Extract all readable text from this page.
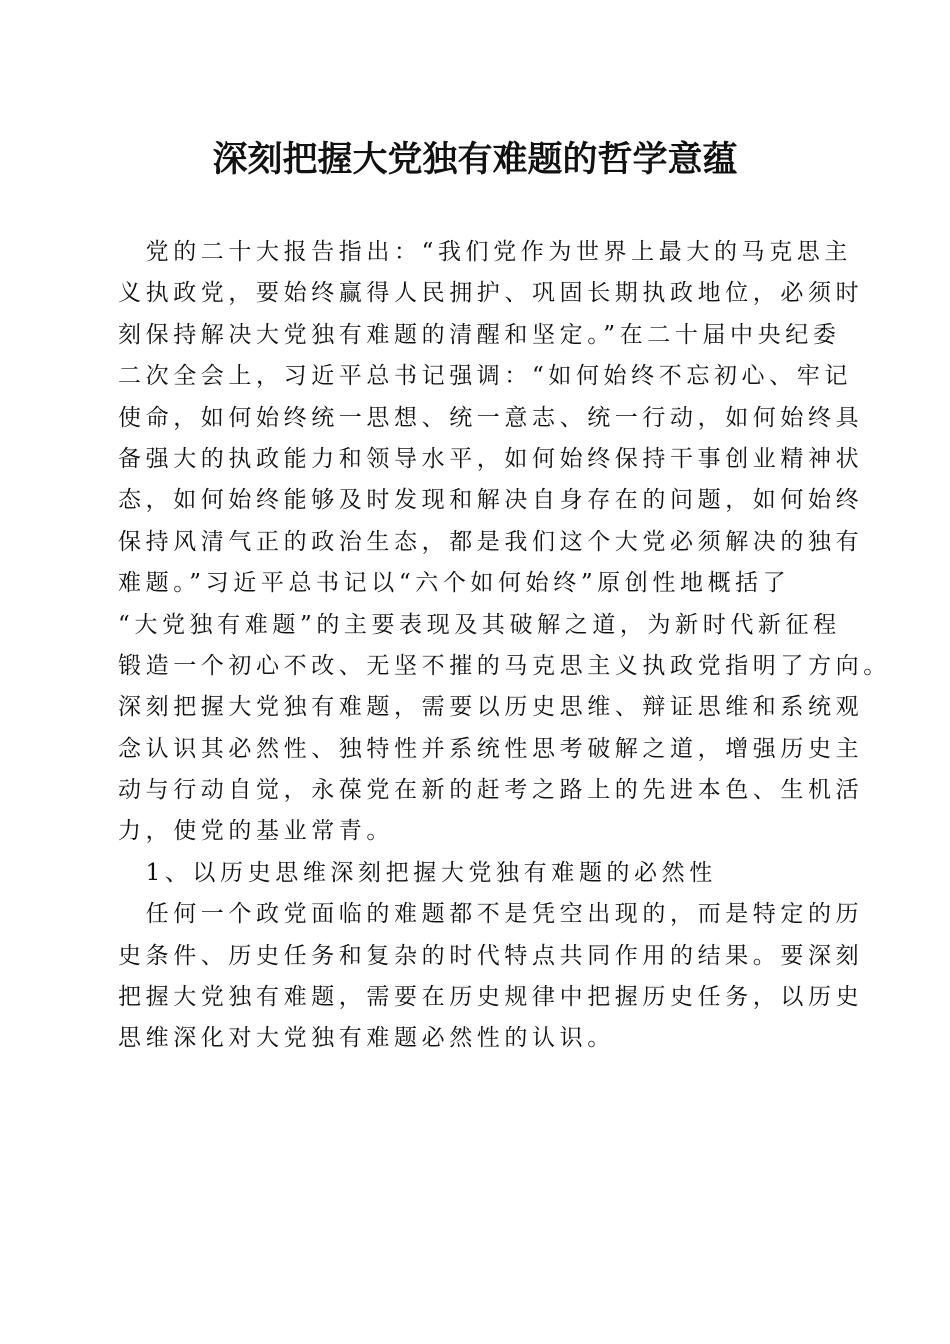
深刻把握大党独有难题的哲学意蕴
　党的二十大报告指出：“我们党作为世界上最大的马克思主
义执政党，要始终赢得人民拥护、巩固长期执政地位，必须时
刻保持解决大党独有难题的清醒和坚定。”在二十届中央纪委
二次全会上，习近平总书记强调：“如何始终不忘初心、牢记
使命，如何始终统一思想、统一意志、统一行动，如何始终具
备强大的执政能力和领导水平，如何始终保持干事创业精神状
态，如何始终能够及时发现和解决自身存在的问题，如何始终
保持风清气正的政治生态，都是我们这个大党必须解决的独有
难题。”习近平总书记以“六个如何始终”原创性地概括了
“大党独有难题”的主要表现及其破解之道，为新时代新征程
锻造一个初心不改、无坚不摧的马克思主义执政党指明了方向。
深刻把握大党独有难题，需要以历史思维、辩证思维和系统观
念认识其必然性、独特性并系统性思考破解之道，增强历史主
动与行动自觉，永葆党在新的赶考之路上的先进本色、生机活
力，使党的基业常青。
　1、以历史思维深刻把握大党独有难题的必然性
　任何一个政党面临的难题都不是凭空出现的，而是特定的历
史条件、历史任务和复杂的时代特点共同作用的结果。要深刻
把握大党独有难题，需要在历史规律中把握历史任务，以历史
思维深化对大党独有难题必然性的认识。
